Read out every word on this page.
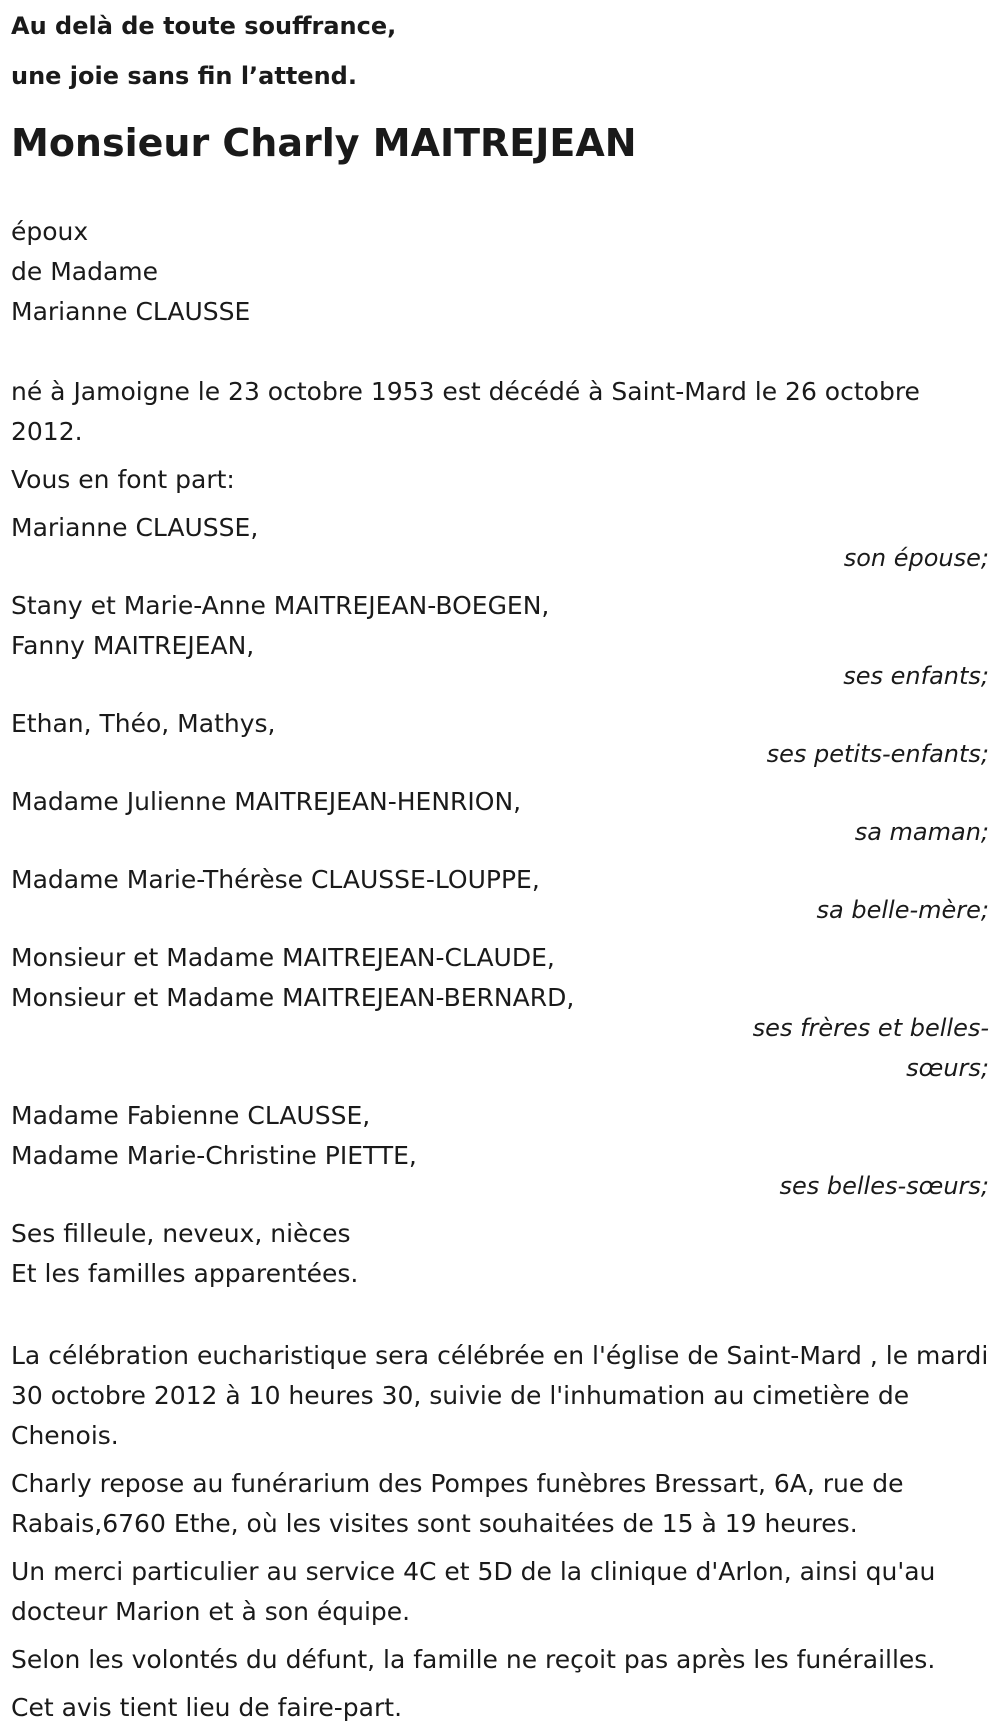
Au delà de toute souffrance,

une joie sans fin l’attend.

Monsieur Charly MAITREJEAN

époux

de Madame

Marianne CLAUSSE

né à Jamoigne le 23 octobre 1953 est décédé à Saint-Mard le 26 octobre 2012.

Vous en font part:

Marianne CLAUSSE,
son épouse;
Stany et Marie-Anne MAITREJEAN-BOEGEN,
Fanny MAITREJEAN,
ses enfants;
Ethan, Théo, Mathys,
ses petits-enfants;
Madame Julienne MAITREJEAN-HENRION,
sa maman;
Madame Marie-Thérèse CLAUSSE-LOUPPE,
sa belle-mère;
Monsieur et Madame MAITREJEAN-CLAUDE,
Monsieur et Madame MAITREJEAN-BERNARD,
ses frères et belles-sœurs;
Madame Fabienne CLAUSSE,
Madame Marie-Christine PIETTE,
ses belles-sœurs;

Ses filleule, neveux, nièces

Et les familles apparentées.

La célébration eucharistique sera célébrée en l'église de Saint-Mard , le mardi 30 octobre 2012 à 10 heures 30, suivie de l'inhumation au cimetière de Chenois.

Charly repose au funérarium des Pompes funèbres Bressart, 6A, rue de Rabais,6760 Ethe, où les visites sont souhaitées de 15 à 19 heures.

Un merci particulier au service 4C et 5D de la clinique d'Arlon, ainsi qu'au docteur Marion et à son équipe.

Selon les volontés du défunt, la famille ne reçoit pas après les funérailles.

Cet avis tient lieu de faire-part.
